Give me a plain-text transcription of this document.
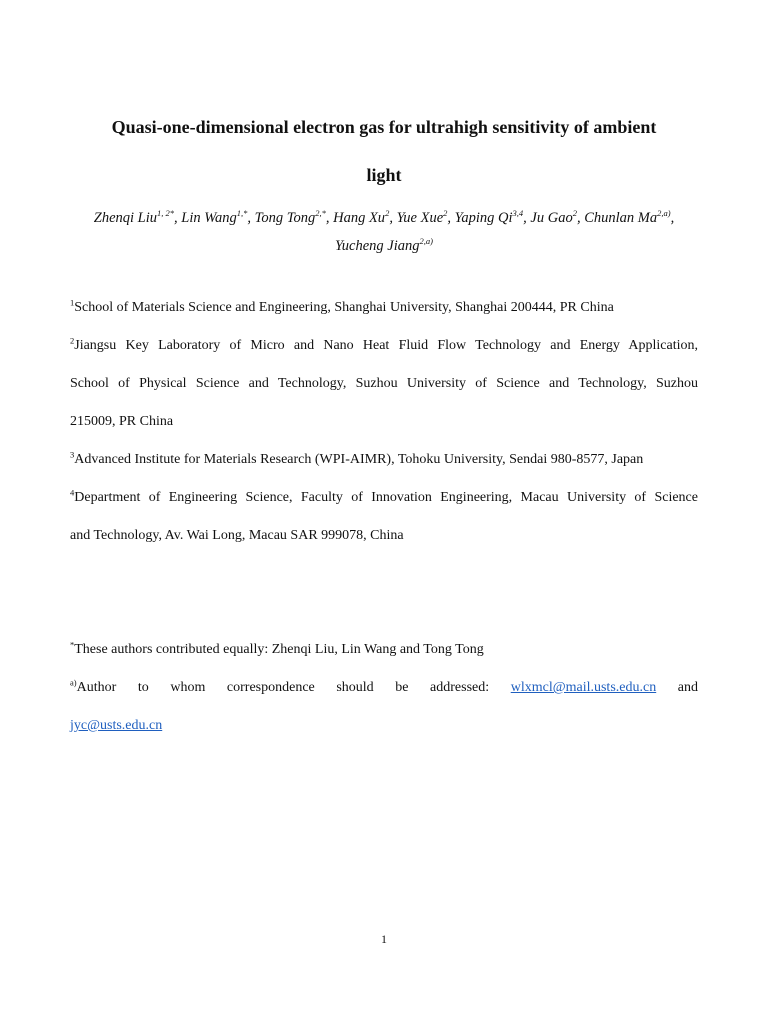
Quasi-one-dimensional electron gas for ultrahigh sensitivity of ambient
light

Zhenqi Liu$^{1, 2*}$, Lin Wang$^{1,*}$, Tong Tong$^{2,*}$, Hang Xu$^2$, Yue Xue$^2$, Yaping Qi$^{3,4}$, Ju Gao$^2$, Chunlan Ma$^{2,a)}$, Yucheng Jiang$^{2,a)}$

$^1$School of Materials Science and Engineering, Shanghai University, Shanghai 200444, PR China

$^2$Jiangsu Key Laboratory of Micro and Nano Heat Fluid Flow Technology and Energy Application,

School of Physical Science and Technology, Suzhou University of Science and Technology, Suzhou

215009, PR China

$^3$Advanced Institute for Materials Research (WPI-AIMR), Tohoku University, Sendai 980-8577, Japan

$^4$Department of Engineering Science, Faculty of Innovation Engineering, Macau University of Science

and Technology, Av. Wai Long, Macau SAR 999078, China

*These authors contributed equally: Zhenqi Liu, Lin Wang and Tong Tong

$^{a)}$Author to whom correspondence should be addressed: wlxmcl@mail.usts.edu.cn and

jyc@usts.edu.cn

1
